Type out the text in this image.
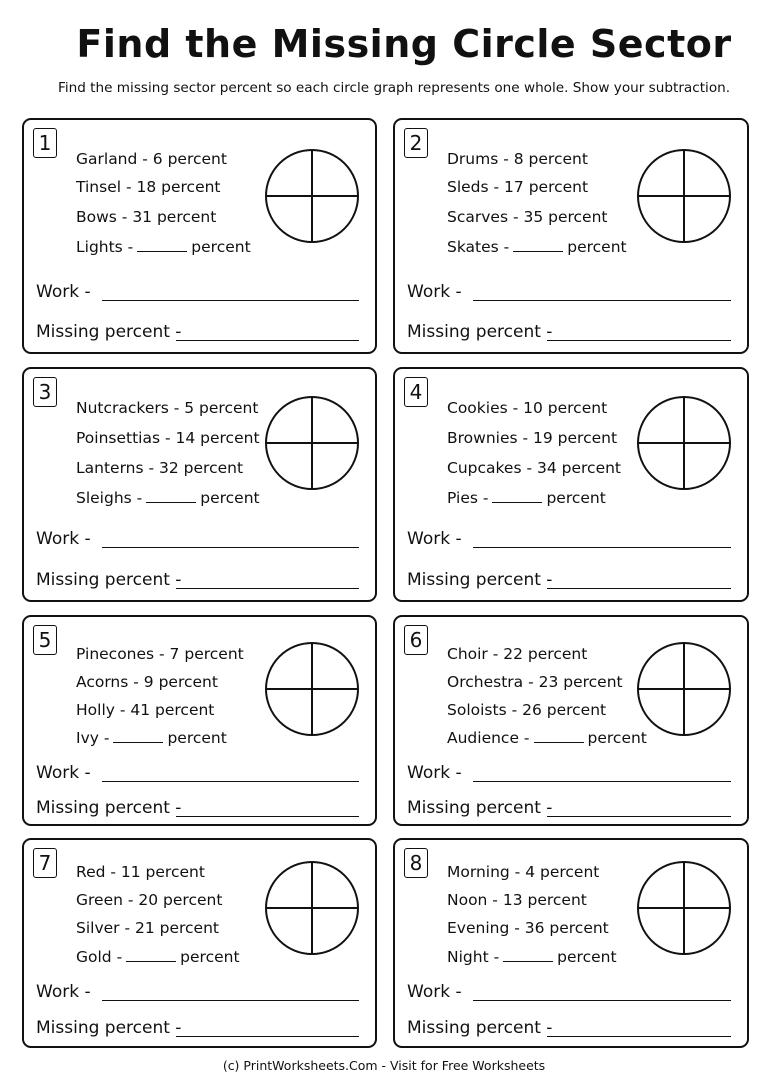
Find the Missing Circle Sector
Find the missing sector percent so each circle graph represents one whole. Show your subtraction.
1
Garland - 6 percent
Tinsel - 18 percent
Bows - 31 percent
Lights -	percent
Work -
Missing percent -
2
Drums - 8 percent
Sleds - 17 percent
Scarves - 35 percent
Skates -	percent
Work -
Missing percent -
3
Nutcrackers - 5 percent
Poinsettias - 14 percent
Lanterns - 32 percent
Sleighs -	percent
Work -
Missing percent -
4
Cookies - 10 percent
Brownies - 19 percent
Cupcakes - 34 percent
Pies -	percent
Work -
Missing percent -
5
Pinecones - 7 percent
Acorns - 9 percent
Holly - 41 percent
Ivy -	percent
Work -
Missing percent -
6
Choir - 22 percent
Orchestra - 23 percent
Soloists - 26 percent
Audience -	percent
Work -
Missing percent -
7	Red - 11 percent
Green - 20 percent
Silver - 21 percent
Gold -	percent
Work -
Missing percent -
8	Morning - 4 percent
Noon - 13 percent
Evening - 36 percent
Night -	percent
Work -
Missing percent -
(c) PrintWorksheets.Com - Visit for Free Worksheets
